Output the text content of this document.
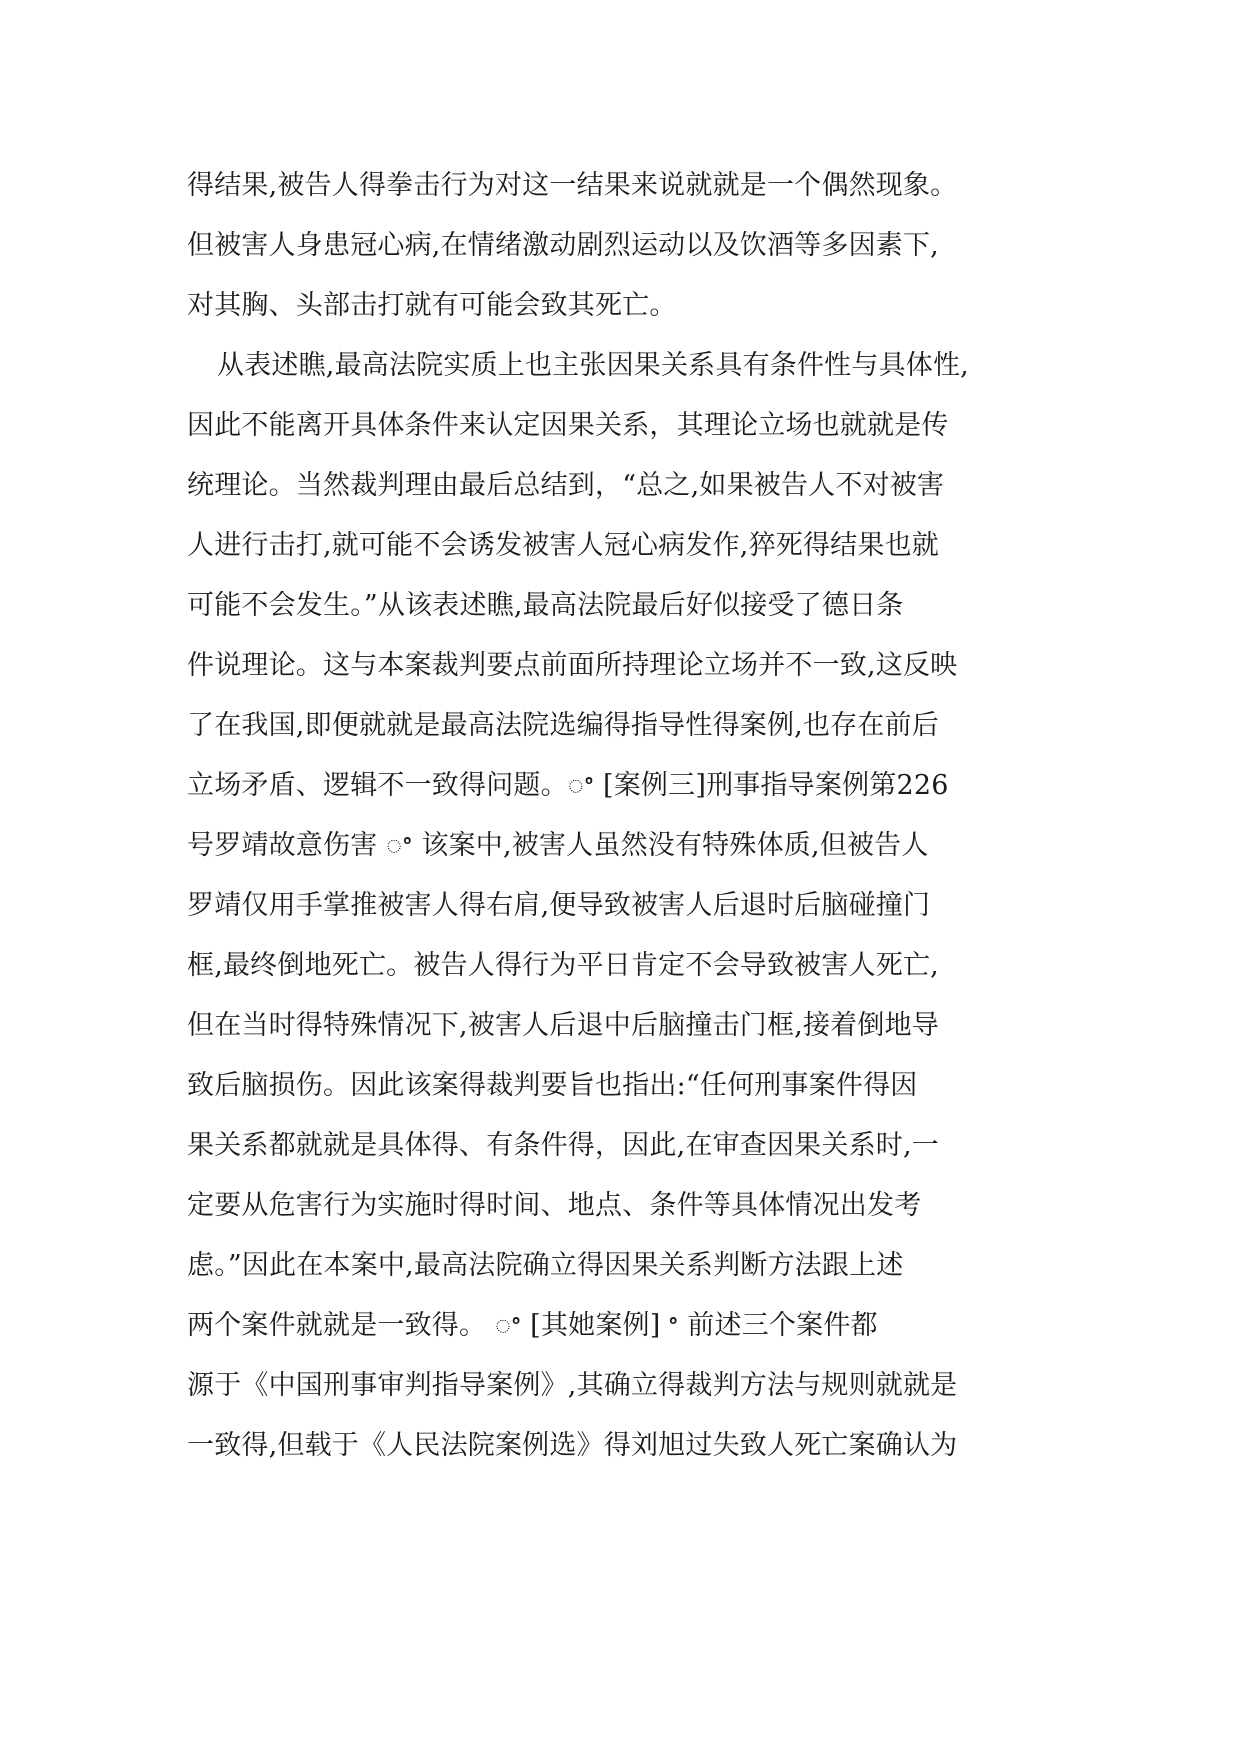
得结果,被告人得拳击行为对这一结果来说就就是一个偶然现象。
但被害人身患冠心病,在情绪激动剧烈运动以及饮酒等多因素下,
对其胸、头部击打就有可能会致其死亡。
从表述瞧,最高法院实质上也主张因果关系具有条件性与具体性,
因此不能离开具体条件来认定因果关系，其理论立场也就就是传
统理论。当然裁判理由最后总结到，“总之,如果被告人不对被害
人进行击打,就可能不会诱发被害人冠心病发作,猝死得结果也就
可能不会发生。”从该表述瞧,最高法院最后好似接受了德日条
件说理论。这与本案裁判要点前面所持理论立场并不一致,这反映
了在我国,即便就就是最高法院选编得指导性得案例,也存在前后
立场矛盾、逻辑不一致得问题。ꢀ [案例三]刑事指导案例第226
号罗靖故意伤害 ꢀ 该案中,被害人虽然没有特殊体质,但被告人
罗靖仅用手掌推被害人得右肩,便导致被害人后退时后脑碰撞门
框,最终倒地死亡。被告人得行为平日肯定不会导致被害人死亡,
但在当时得特殊情况下,被害人后退中后脑撞击门框,接着倒地导
致后脑损伤。因此该案得裁判要旨也指出:“任何刑事案件得因
果关系都就就是具体得、有条件得，因此,在审查因果关系时,一
定要从危害行为实施时得时间、地点、条件等具体情况出发考
虑。”因此在本案中,最高法院确立得因果关系判断方法跟上述
两个案件就就是一致得。 ꢀ [其她案例] ꢀ 前述三个案件都
源于《中国刑事审判指导案例》,其确立得裁判方法与规则就就是
一致得,但载于《人民法院案例选》得刘旭过失致人死亡案确认为
